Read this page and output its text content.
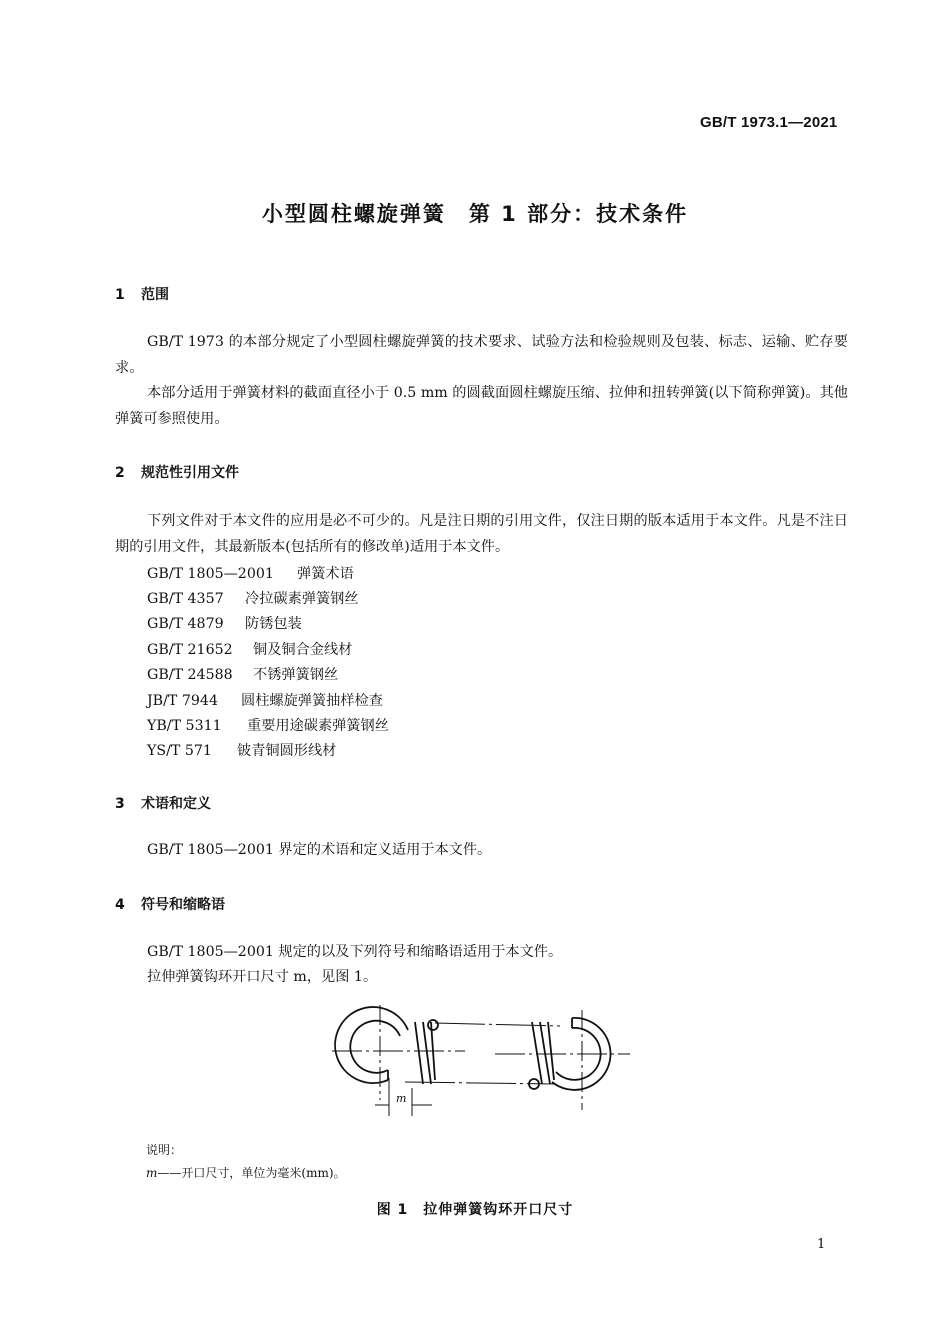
GB/T 1973.1—2021
小型圆柱螺旋弹簧　第 1 部分：技术条件
1 范围
GB/T 1973 的本部分规定了小型圆柱螺旋弹簧的技术要求、试验方法和检验规则及包装、标志、运输、贮存要求。
本部分适用于弹簧材料的截面直径小于 0.5 mm 的圆截面圆柱螺旋压缩、拉伸和扭转弹簧(以下简称弹簧)。其他弹簧可参照使用。
2 规范性引用文件
下列文件对于本文件的应用是必不可少的。凡是注日期的引用文件，仅注日期的版本适用于本文件。凡是不注日期的引用文件，其最新版本(包括所有的修改单)适用于本文件。
GB/T 1805—2001 弹簧术语
GB/T 4357 冷拉碳素弹簧钢丝
GB/T 4879 防锈包装
GB/T 21652 铜及铜合金线材
GB/T 24588 不锈弹簧钢丝
JB/T 7944 圆柱螺旋弹簧抽样检查
YB/T 5311 重要用途碳素弹簧钢丝
YS/T 571 铍青铜圆形线材
3 术语和定义
GB/T 1805—2001 界定的术语和定义适用于本文件。
4 符号和缩略语
GB/T 1805—2001 规定的以及下列符号和缩略语适用于本文件。
拉伸弹簧钩环开口尺寸 m，见图 1。
m
说明：
m——开口尺寸，单位为毫米(mm)。
图 1　拉伸弹簧钩环开口尺寸
1
